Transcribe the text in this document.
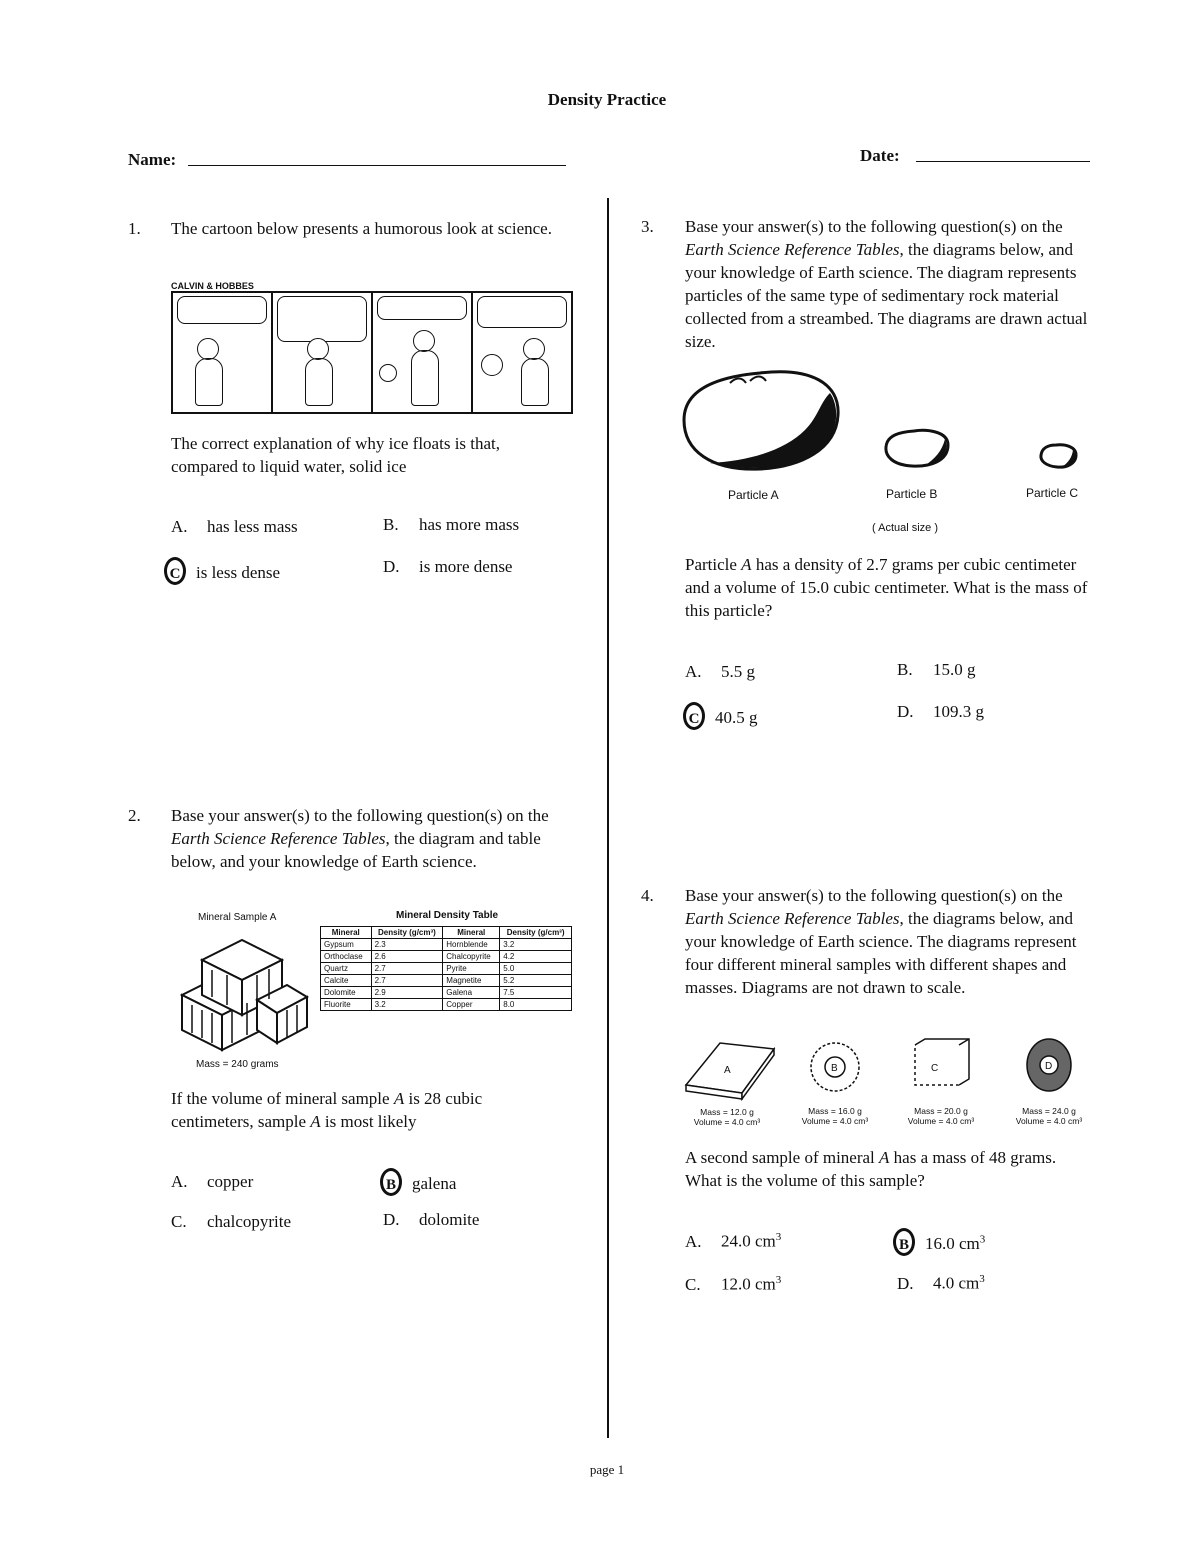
Density Practice
Name:	Date:
1. The cartoon below presents a humorous look at science.
CALVIN & HOBBES
The correct explanation of why ice floats is that, compared to liquid water, solid ice
A. has less mass	B. has more mass
C is less dense	D. is more dense
2. Base your answer(s) to the following question(s) on the Earth Science Reference Tables, the diagram and table below, and your knowledge of Earth science.
Mineral Sample A
Mass = 240 grams
Mineral Density Table
Mineral	Density (g/cm³)	Mineral	Density (g/cm³)
Gypsum	2.3	Hornblende	3.2
Orthoclase	2.6	Chalcopyrite	4.2
Quartz	2.7	Pyrite	5.0
Calcite	2.7	Magnetite	5.2
Dolomite	2.9	Galena	7.5
Fluorite	3.2	Copper	8.0
If the volume of mineral sample A is 28 cubic centimeters, sample A is most likely
A. copper	B galena
C. chalcopyrite	D. dolomite
3. Base your answer(s) to the following question(s) on the Earth Science Reference Tables, the diagrams below, and your knowledge of Earth science. The diagram represents particles of the same type of sedimentary rock material collected from a streambed. The diagrams are drawn actual size.
Particle A	Particle B	Particle C
( Actual size )
Particle A has a density of 2.7 grams per cubic centimeter and a volume of 15.0 cubic centimeter. What is the mass of this particle?
A. 5.5 g	B. 15.0 g
C 40.5 g	D. 109.3 g
4. Base your answer(s) to the following question(s) on the Earth Science Reference Tables, the diagrams below, and your knowledge of Earth science. The diagrams represent four different mineral samples with different shapes and masses. Diagrams are not drawn to scale.
A	B	C	D
Mass = 12.0 g
Volume = 4.0 cm³
Mass = 16.0 g
Volume = 4.0 cm³
Mass = 20.0 g
Volume = 4.0 cm³
Mass = 24.0 g
Volume = 4.0 cm³
A second sample of mineral A has a mass of 48 grams. What is the volume of this sample?
A. 24.0 $cm^3$	B 16.0 $cm^3$
C. 12.0 $cm^3$	D. 4.0 $cm^3$
page 1
